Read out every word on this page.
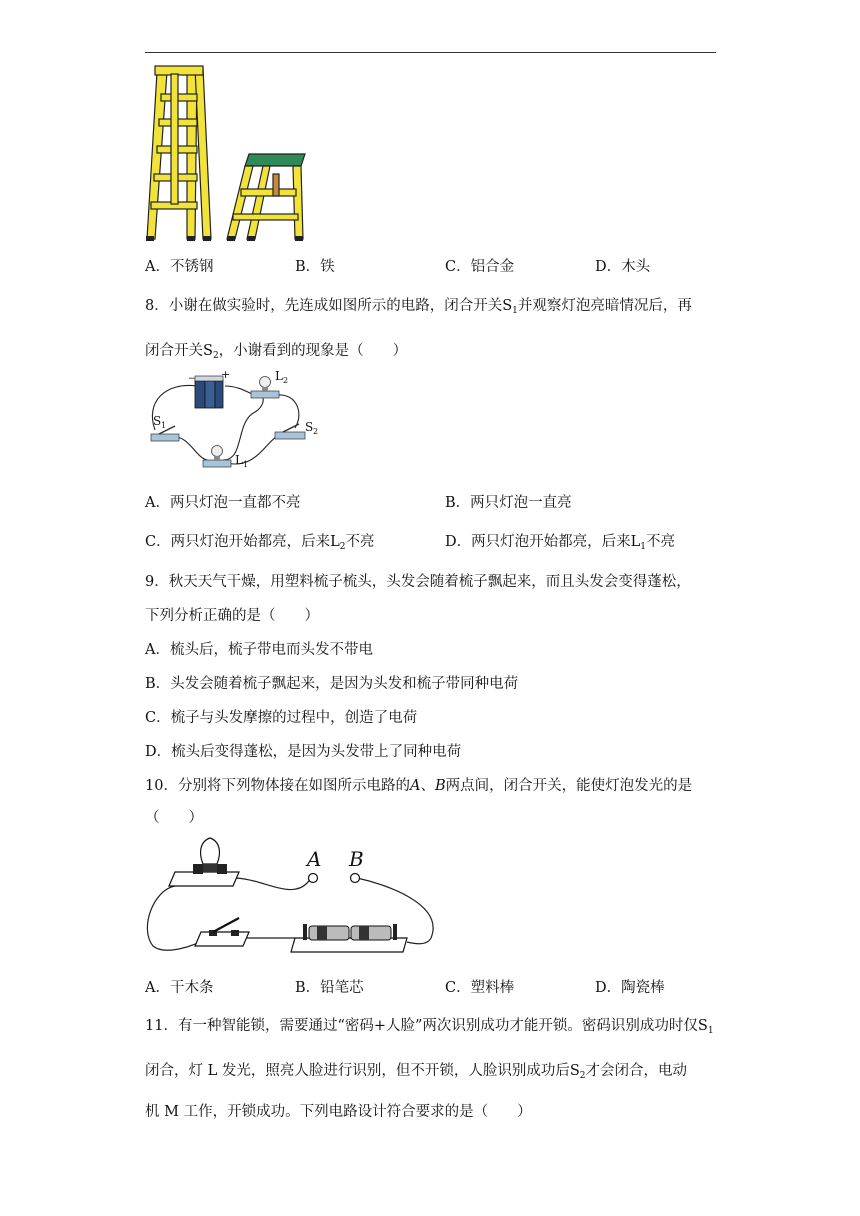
A．不锈钢	B．铁	C．铝合金	D．木头
8．小谢在做实验时，先连成如图所示的电路，闭合开关$S_1$并观察灯泡亮暗情况后，再
闭合开关$S_2$，小谢看到的现象是（　　）
− +	L 2
S 1	S 2
L 1
A．两只灯泡一直都不亮	B．两只灯泡一直亮
C．两只灯泡开始都亮，后来$L_2$不亮	D．两只灯泡开始都亮，后来$L_1$不亮
9．秋天天气干燥，用塑料梳子梳头，头发会随着梳子飘起来，而且头发会变得蓬松，
下列分析正确的是（　　）
A．梳头后，梳子带电而头发不带电
B．头发会随着梳子飘起来，是因为头发和梳子带同种电荷
C．梳子与头发摩擦的过程中，创造了电荷
D．梳头后变得蓬松，是因为头发带上了同种电荷
10．分别将下列物体接在如图所示电路的A、B两点间，闭合开关，能使灯泡发光的是
（　　）
A B
A．干木条	B．铅笔芯	C．塑料棒	D．陶瓷棒
11．有一种智能锁，需要通过“密码+人脸”两次识别成功才能开锁。密码识别成功时仅$S_1$
闭合，灯 L 发光，照亮人脸进行识别，但不开锁，人脸识别成功后$S_2$才会闭合，电动
机 M 工作，开锁成功。下列电路设计符合要求的是（　　）
